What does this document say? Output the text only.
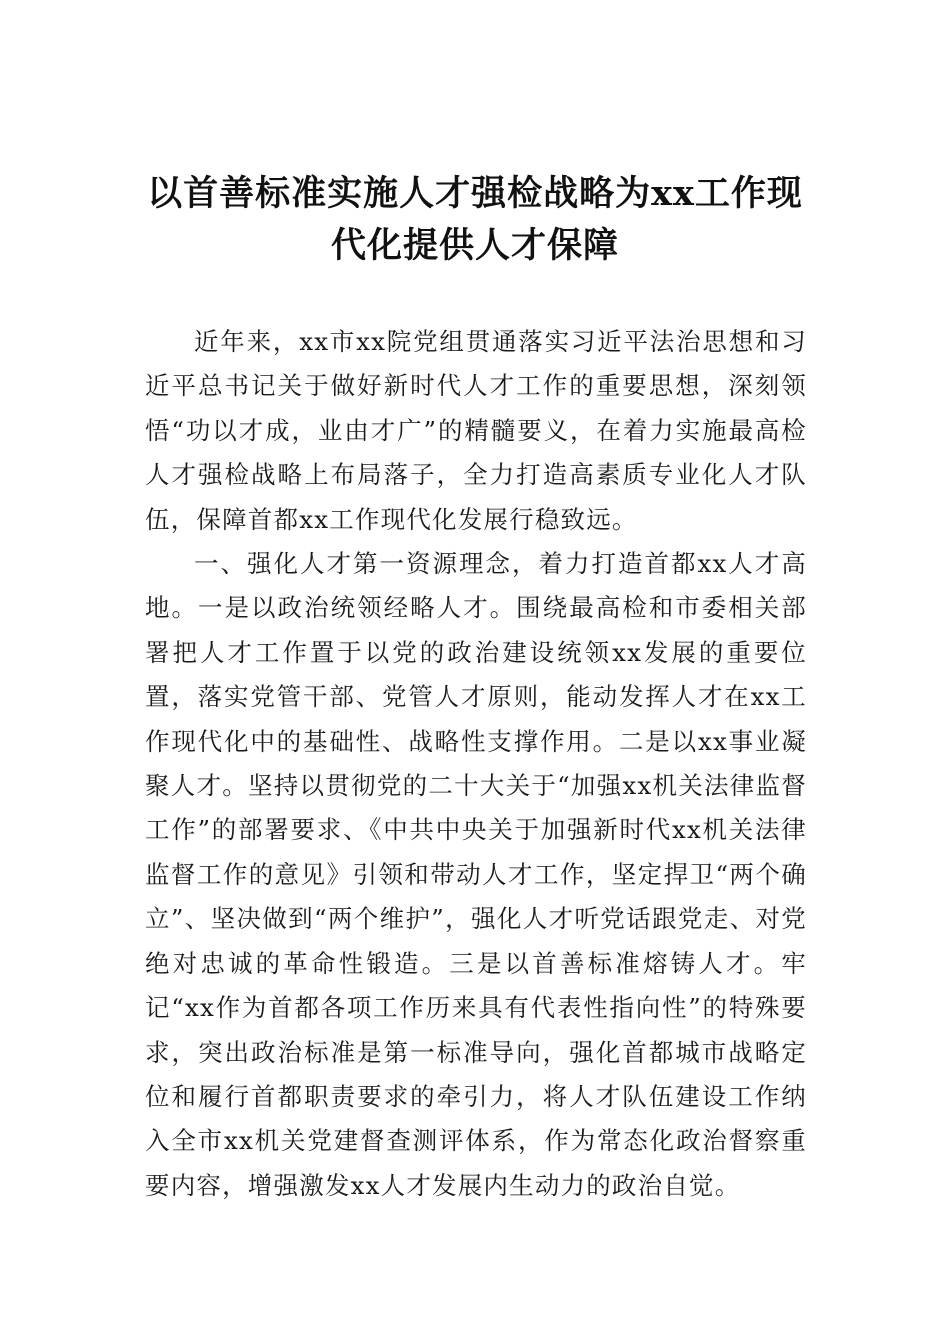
以首善标准实施人才强检战略为xx工作现
代化提供人才保障

近年来，xx市xx院党组贯通落实习近平法治思想和习近平总书记关于做好新时代人才工作的重要思想，深刻领悟“功以才成，业由才广”的精髓要义，在着力实施最高检人才强检战略上布局落子，全力打造高素质专业化人才队伍，保障首都xx工作现代化发展行稳致远。

一、强化人才第一资源理念，着力打造首都xx人才高地。一是以政治统领经略人才。围绕最高检和市委相关部署把人才工作置于以党的政治建设统领xx发展的重要位置，落实党管干部、党管人才原则，能动发挥人才在xx工作现代化中的基础性、战略性支撑作用。二是以xx事业凝聚人才。坚持以贯彻党的二十大关于“加强xx机关法律监督工作”的部署要求、《中共中央关于加强新时代xx机关法律监督工作的意见》引领和带动人才工作，坚定捍卫“两个确立”、坚决做到“两个维护”，强化人才听党话跟党走、对党绝对忠诚的革命性锻造。三是以首善标准熔铸人才。牢记“xx作为首都各项工作历来具有代表性指向性”的特殊要求，突出政治标准是第一标准导向，强化首都城市战略定位和履行首都职责要求的牵引力，将人才队伍建设工作纳入全市xx机关党建督查测评体系，作为常态化政治督察重要内容，增强激发xx人才发展内生动力的政治自觉。
